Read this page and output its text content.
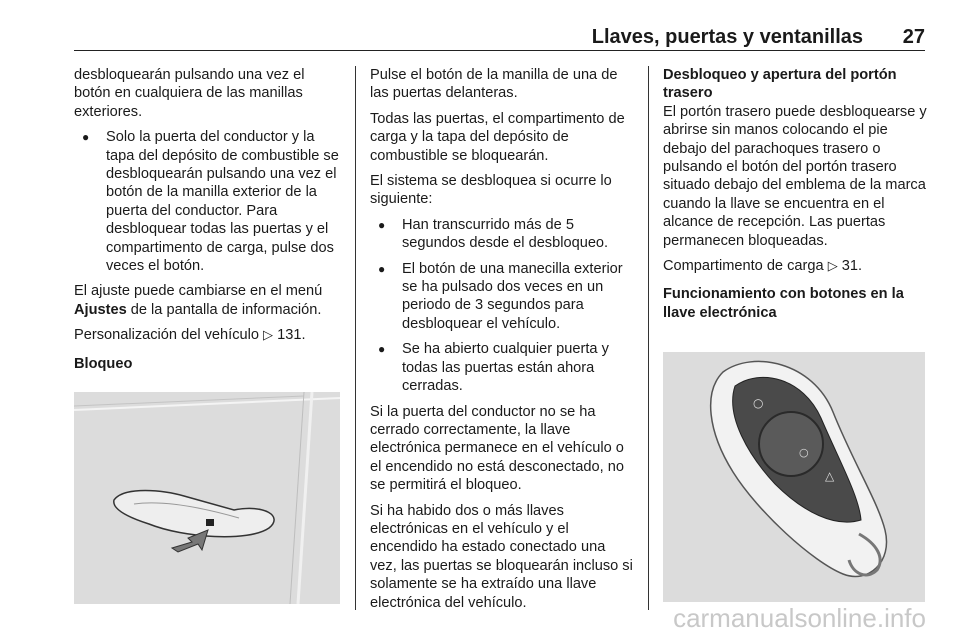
Llaves, puertas y ventanillas 27

desbloquearán pulsando una vez el botón en cualquiera de las manillas exteriores.

● Solo la puerta del conductor y la tapa del depósito de combustible se desbloquearán pulsando una vez el botón de la manilla exterior de la puerta del conductor. Para desbloquear todas las puertas y el compartimento de carga, pulse dos veces el botón.

El ajuste puede cambiarse en el menú Ajustes de la pantalla de información.

Personalización del vehículo ▷ 131.

Bloqueo

Pulse el botón de la manilla de una de las puertas delanteras.

Todas las puertas, el compartimento de carga y la tapa del depósito de combustible se bloquearán.

El sistema se desbloquea si ocurre lo siguiente:

● Han transcurrido más de 5 segundos desde el desbloqueo.
● El botón de una manecilla exterior se ha pulsado dos veces en un periodo de 3 segundos para desbloquear el vehículo.
● Se ha abierto cualquier puerta y todas las puertas están ahora cerradas.

Si la puerta del conductor no se ha cerrado correctamente, la llave electrónica permanece en el vehículo o el encendido no está desconectado, no se permitirá el bloqueo.

Si ha habido dos o más llaves electrónicas en el vehículo y el encendido ha estado conectado una vez, las puertas se bloquearán incluso si solamente se ha extraído una llave electrónica del vehículo.

Desbloqueo y apertura del portón trasero

El portón trasero puede desbloquearse y abrirse sin manos colocando el pie debajo del parachoques trasero o pulsando el botón del portón trasero situado debajo del emblema de la marca cuando la llave se encuentra en el alcance de recepción. Las puertas permanecen bloqueadas.

Compartimento de carga ▷ 31.

Funcionamiento con botones en la llave electrónica

○
○
△
carmanualsonline.info
